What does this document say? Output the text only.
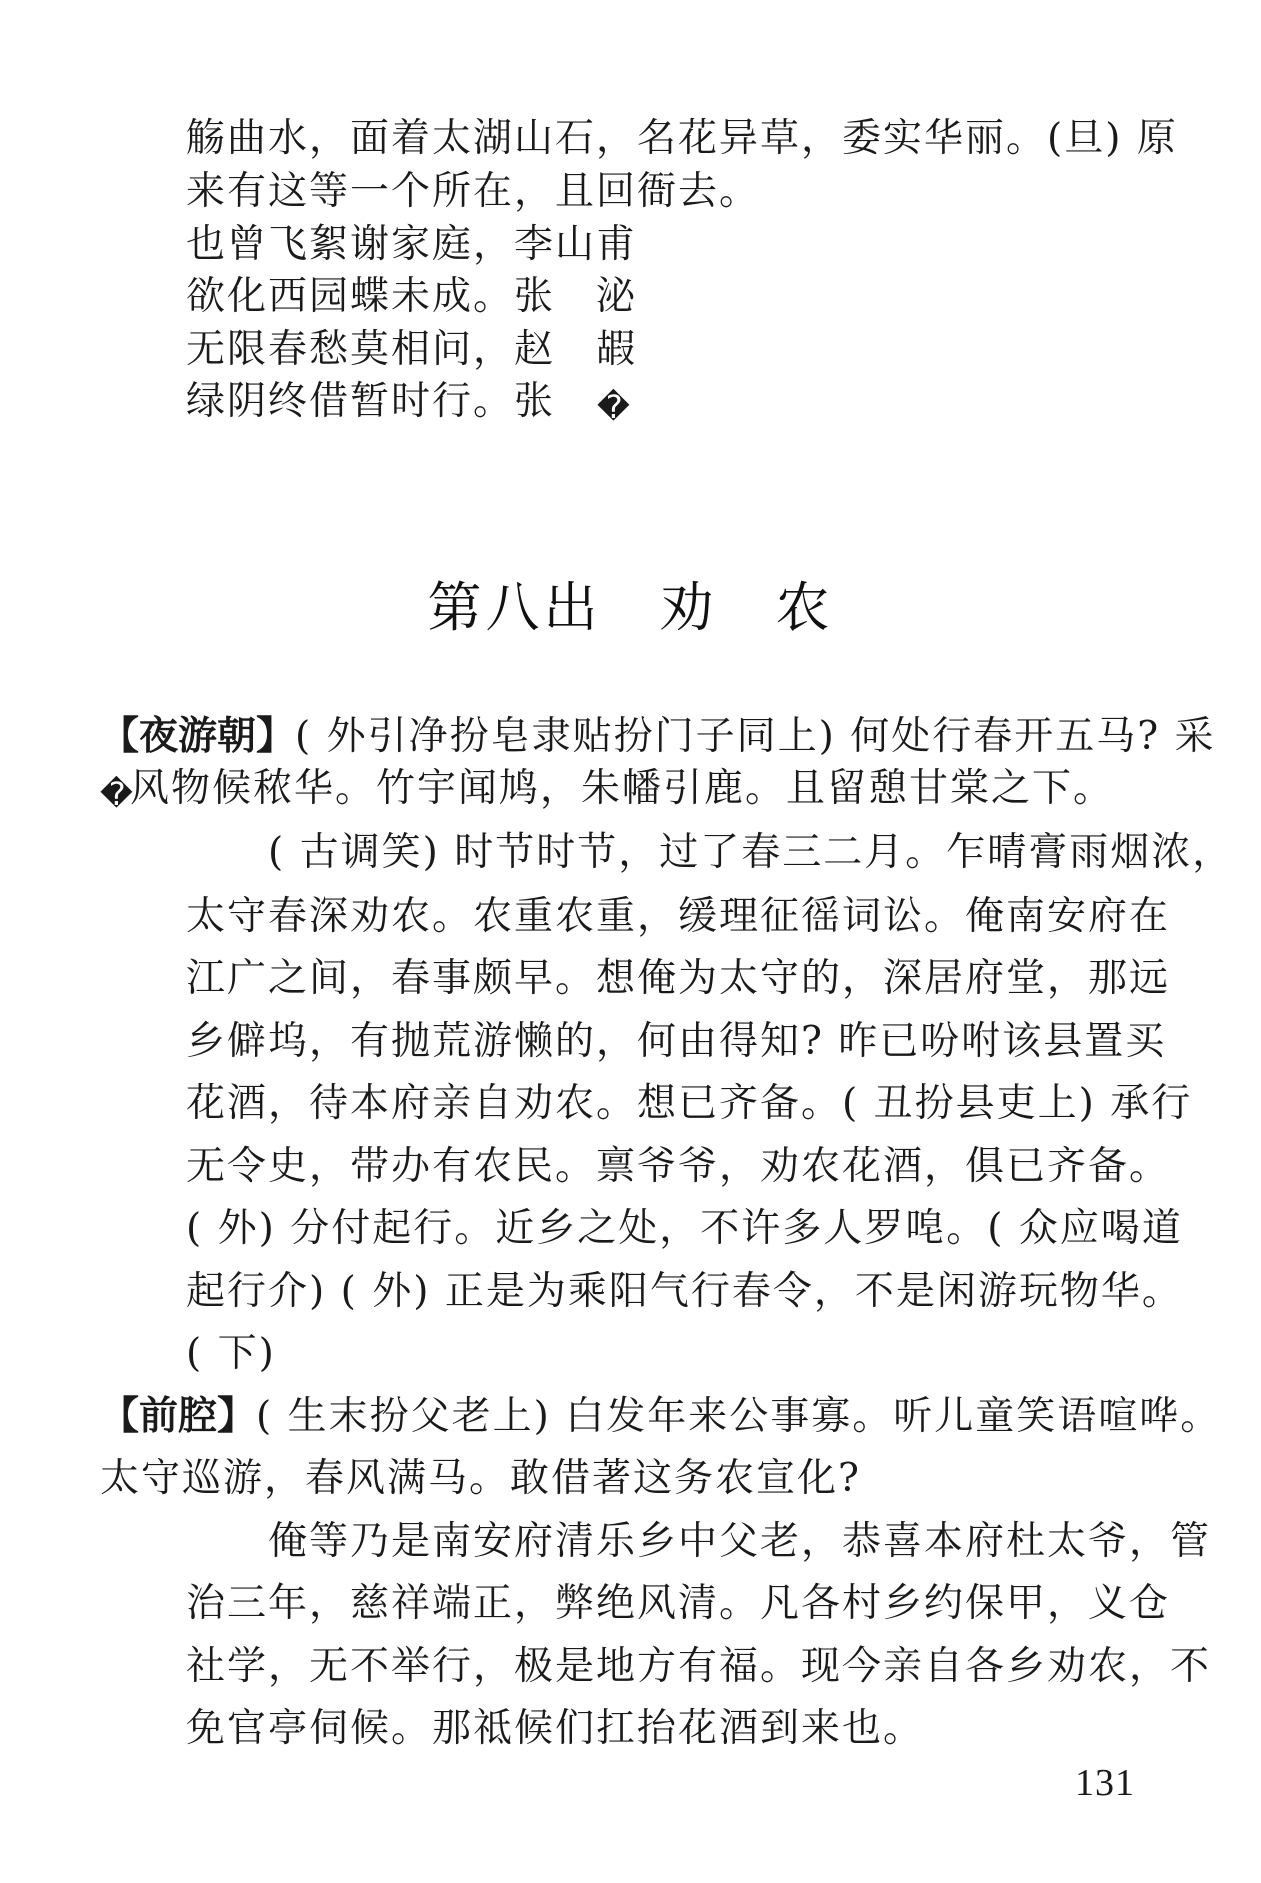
觞曲水，面着太湖山石，名花异草，委实华丽。(旦) 原
来有这等一个所在，且回衙去。
也曾飞絮谢家庭，李山甫
欲化西园蝶未成。张　泌
无限春愁莫相问，赵　嘏
绿阴终借暂时行。张 �
第八出　劝　农
【夜游朝】( 外引净扮皂隶贴扮门子同上) 何处行春开五马? 采
�风物候秾华。竹宇闻鸠，朱幡引鹿。且留憩甘棠之下。
( 古调笑) 时节时节，过了春三二月。乍晴膏雨烟浓，
太守春深劝农。农重农重，缓理征徭词讼。俺南安府在
江广之间，春事颇早。想俺为太守的，深居府堂，那远
乡僻坞，有抛荒游懒的，何由得知? 昨已吩咐该县置买
花酒，待本府亲自劝农。想已齐备。( 丑扮县吏上) 承行
无令史，带办有农民。禀爷爷，劝农花酒，俱已齐备。
( 外) 分付起行。近乡之处，不许多人罗唣。( 众应喝道
起行介) ( 外) 正是为乘阳气行春令，不是闲游玩物华。
( 下)
【前腔】( 生末扮父老上) 白发年来公事寡。听儿童笑语喧哗。
太守巡游，春风满马。敢借著这务农宣化?
俺等乃是南安府清乐乡中父老，恭喜本府杜太爷，管
治三年，慈祥端正，弊绝风清。凡各村乡约保甲，义仓
社学，无不举行，极是地方有福。现今亲自各乡劝农，不
免官亭伺候。那祗候们扛抬花酒到来也。
131
